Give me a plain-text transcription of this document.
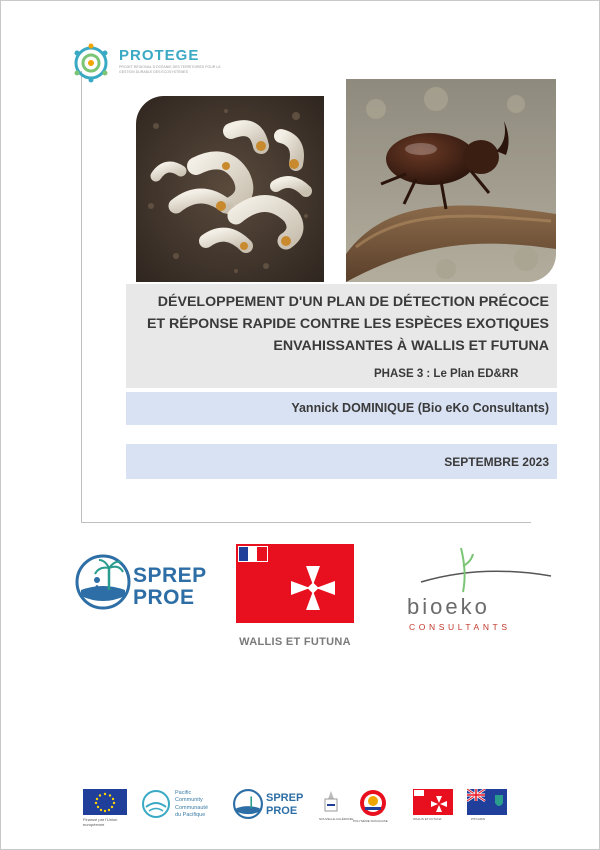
PROTEGE
PROJET RÉGIONAL D'OCÉANIE DES TERRITOIRES POUR LA GESTION DURABLE DES ÉCOSYSTÈMES
DÉVELOPPEMENT D'UN PLAN DE DÉTECTION PRÉCOCE
ET RÉPONSE RAPIDE CONTRE LES ESPÈCES EXOTIQUES
ENVAHISSANTES À WALLIS ET FUTUNA
PHASE 3 : Le Plan ED&RR
Yannick DOMINIQUE (Bio eKo Consultants)
SEPTEMBRE 2023
SPREP
PROE
WALLIS ET FUTUNA
bioeko
CONSULTANTS
Financé par l'Union européenne
Pacific
Community
Communauté
du Pacifique
SPREP
PROE
NOUVELLE-CALÉDONIE POLYNÉSIE FRANÇAISE	WALLIS ET FUTUNA	PITCAIRN
